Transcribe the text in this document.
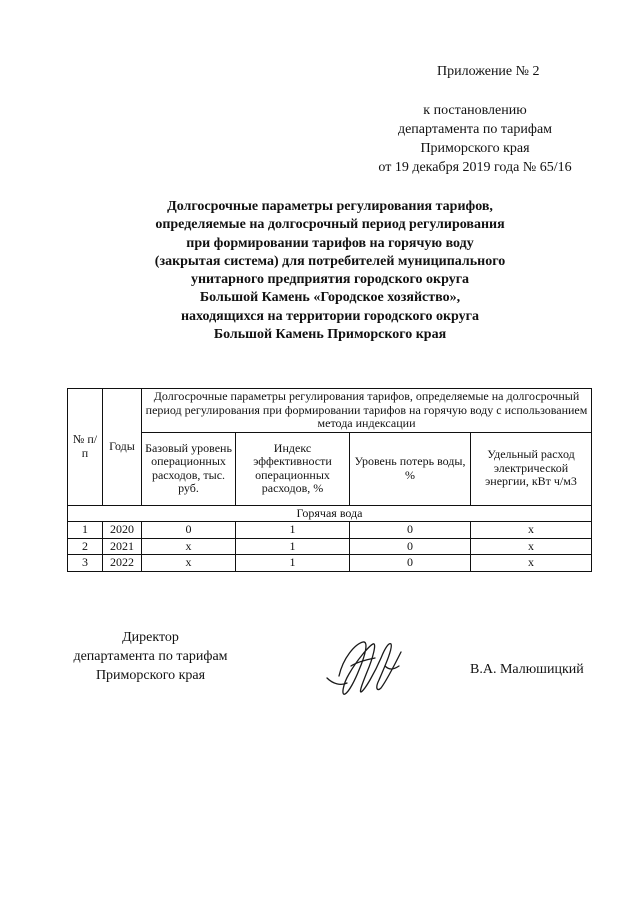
Приложение № 2
к постановлению
департамента по тарифам
Приморского края
от 19 декабря 2019 года № 65/16
Долгосрочные параметры регулирования тарифов,
определяемые на долгосрочный период регулирования
при формировании тарифов на горячую воду
(закрытая система) для потребителей муниципального
унитарного предприятия городского округа
Большой Камень «Городское хозяйство»,
находящихся на территории городского округа
Большой Камень Приморского края
№ п/п	Годы	Долгосрочные параметры регулирования тарифов, определяемые на долгосрочный период регулирования при формировании тарифов на горячую воду с использованием метода индексации			
		Базовый уровень операционных расходов, тыс. руб.	Индекс эффективности операционных расходов, %	Уровень потерь воды, %	Удельный расход электрической энергии, кВт ч/м3
Горячая вода					
1	2020	0	1	0	x
2	2021	x	1	0	x
3	2022	x	1	0	x
Директор
департамента по тарифам
Приморского края	В.А. Малюшицкий
